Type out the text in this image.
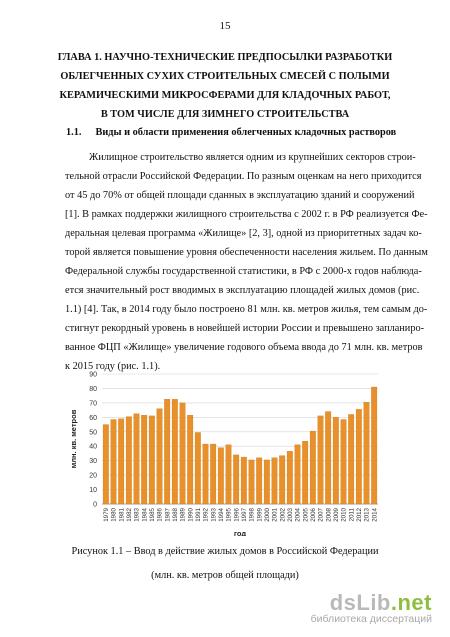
15
ГЛАВА 1. НАУЧНО-ТЕХНИЧЕСКИЕ ПРЕДПОСЫЛКИ РАЗРАБОТКИ
ОБЛЕГЧЕННЫХ СУХИХ СТРОИТЕЛЬНЫХ СМЕСЕЙ С ПОЛЫМИ
КЕРАМИЧЕСКИМИ МИКРОСФЕРАМИ ДЛЯ КЛАДОЧНЫХ РАБОТ,
В ТОМ ЧИСЛЕ ДЛЯ ЗИМНЕГО СТРОИТЕЛЬСТВА
1.1. Виды и области применения облегченных кладочных растворов
Жилищное строительство является одним из крупнейших секторов строи-
тельной отрасли Российской Федерации. По разным оценкам на него приходится
от 45 до 70% от общей площади сданных в эксплуатацию зданий и сооружений
[1]. В рамках поддержки жилищного строительства с 2002 г. в РФ реализуется Фе-
деральная целевая программа «Жилище» [2, 3], одной из приоритетных задач ко-
торой является повышение уровня обеспеченности населения жильем. По данным
Федеральной службы государственной статистики, в РФ с 2000-х годов наблюда-
ется значительный рост вводимых в эксплуатацию площадей жилых домов (рис.
1.1) [4]. Так, в 2014 году было построено 81 млн. кв. метров жилья, тем самым до-
стигнут рекордный уровень в новейшей истории России и превышено запланиро-
ванное ФЦП «Жилище» увеличение годового объема ввода до 71 млн. кв. метров
к 2015 году (рис. 1.1).
0
10
20
30
40
50
60
70
80
90
1979 1980 1981 1982 1983 1984 1985 1986 1987 1988 1989 1990 1991 1992 1993 1994 1995 1996 1997 1998 1999 2000 2001 2002 2003 2004 2005 2006 2007 2008 2009 2010 2011 2012 2013 2014
год
млн. кв. метров
Рисунок 1.1 – Ввод в действие жилых домов в Российской Федерации
(млн. кв. метров общей площади)
dsLib.net
библиотека диссертаций
